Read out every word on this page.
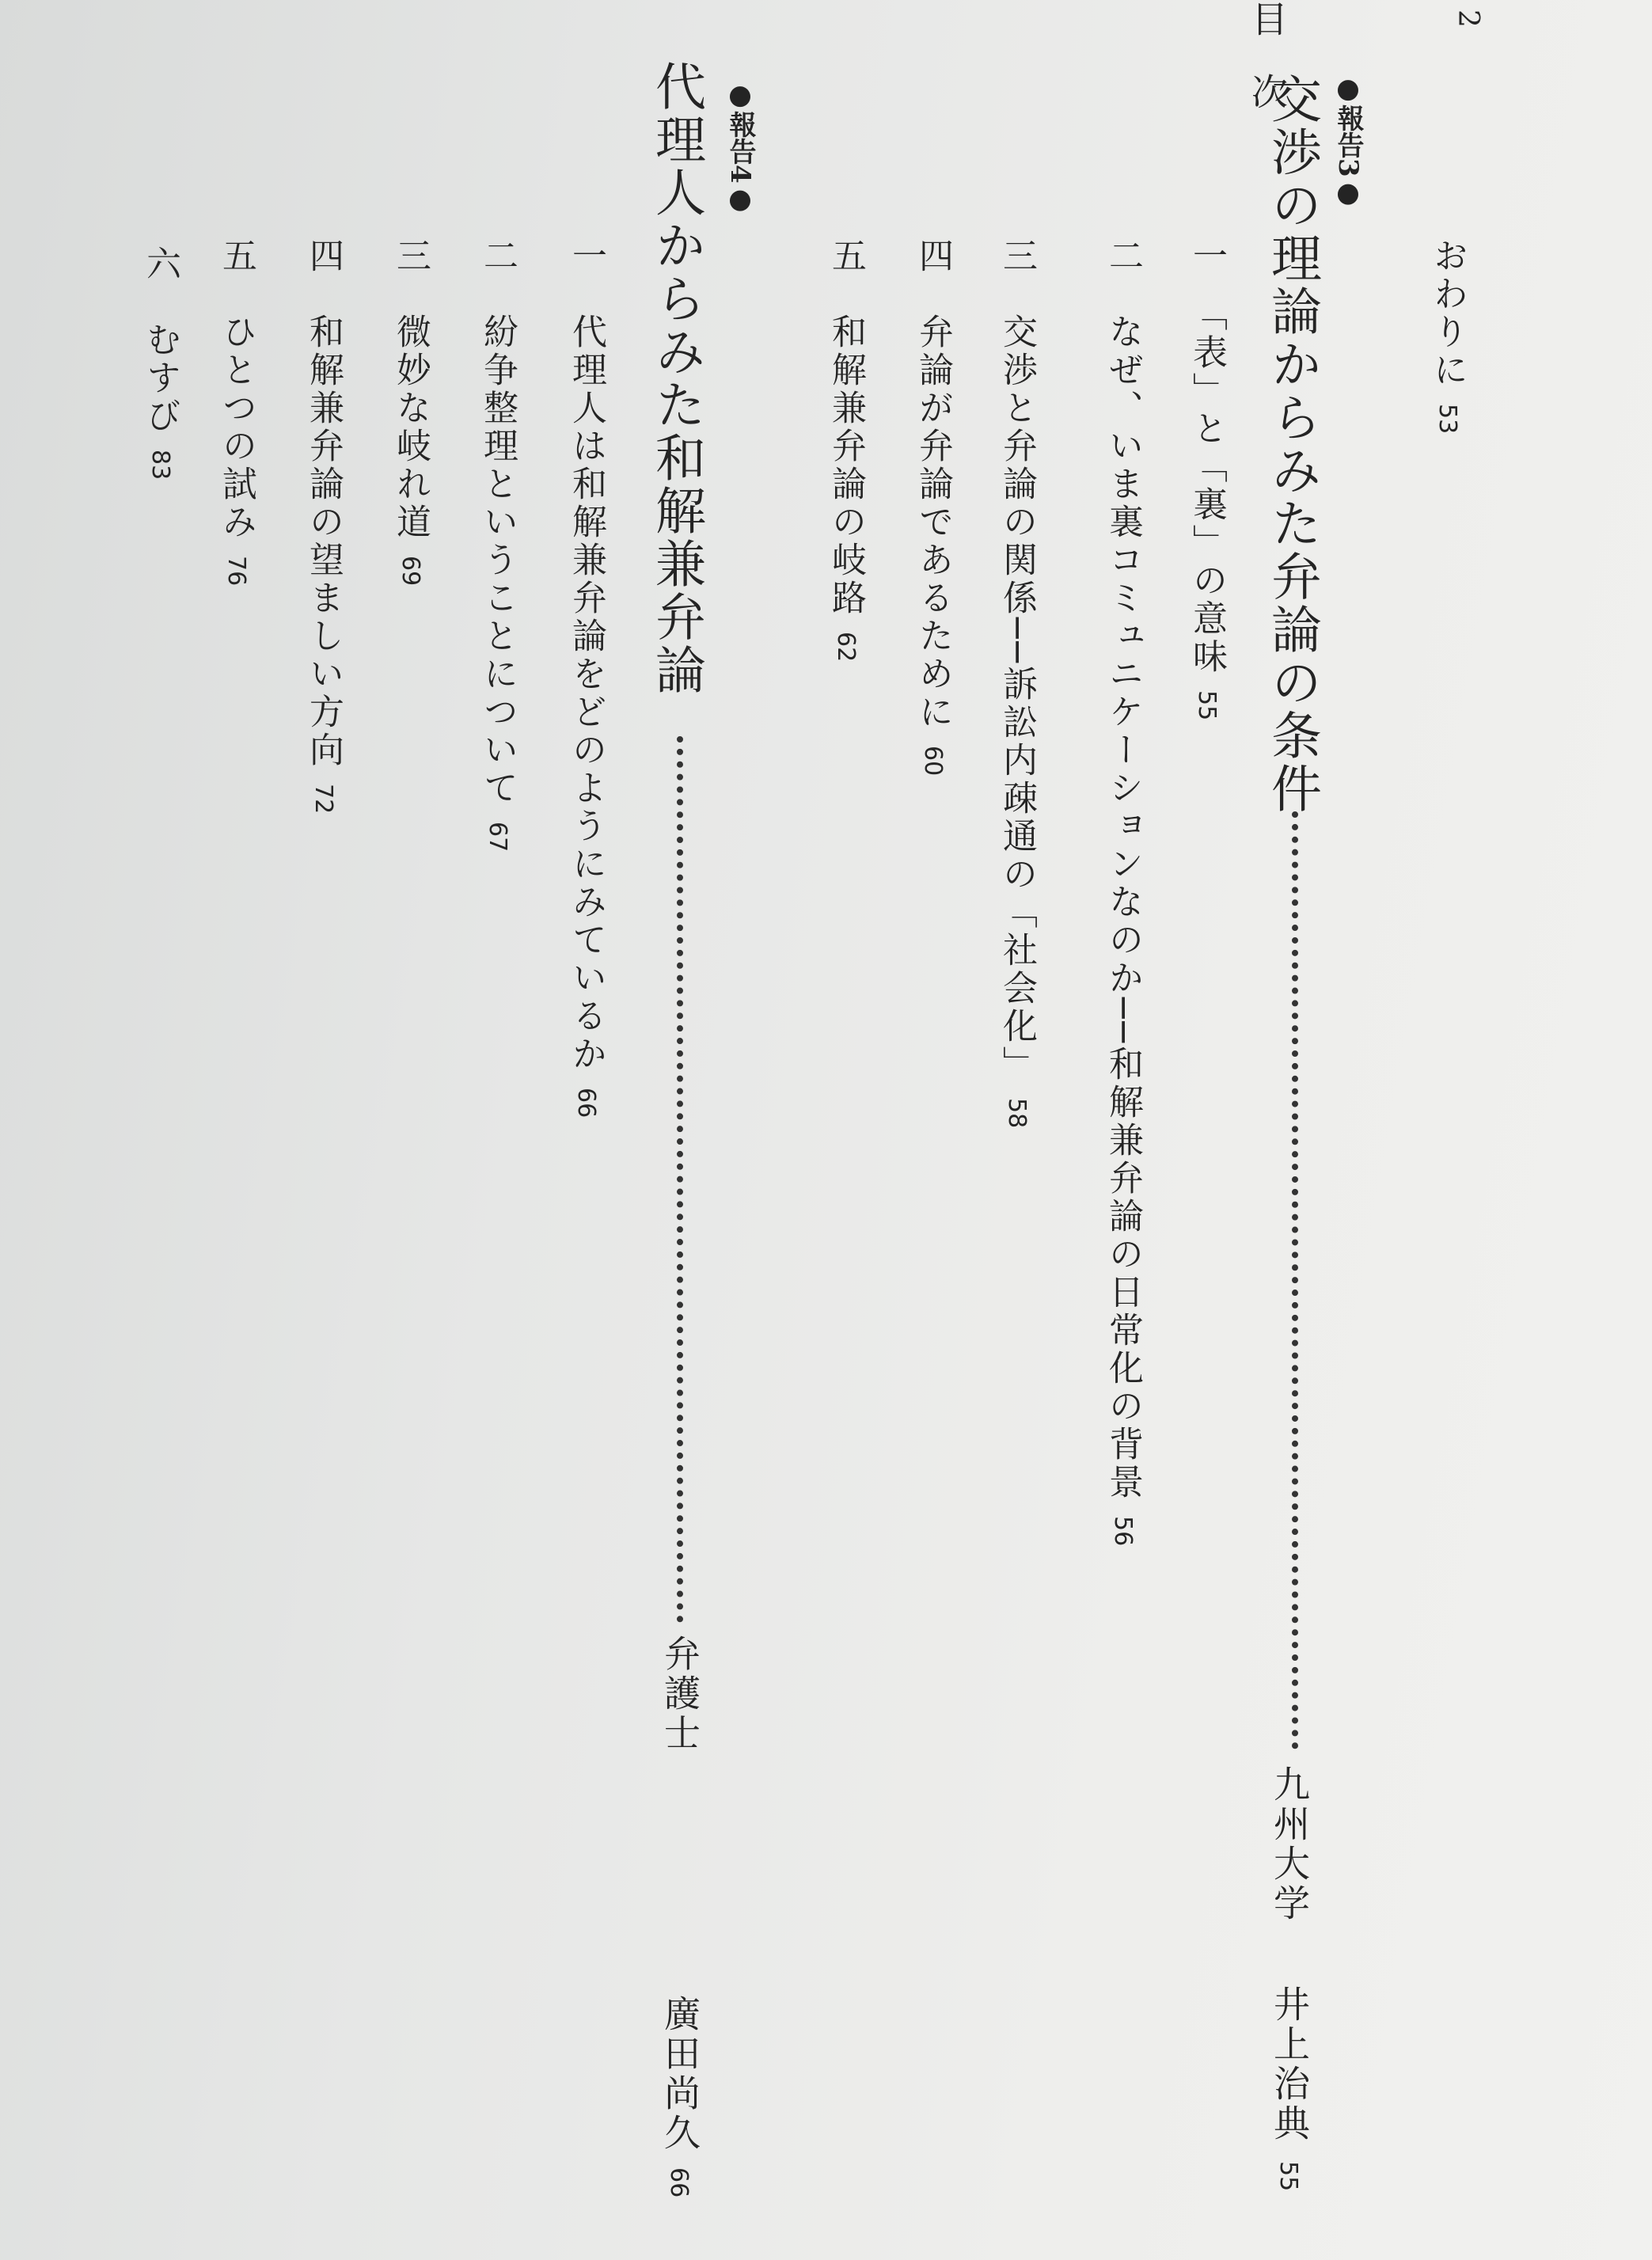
目　次	2
おわりに53
●報告3●
交渉の理論からみた弁論の条件
九州大学
井上治典
55
一　「表」と「裏」の意味55
二　なぜ、いま裏コミュニケーションなのか──和解兼弁論の日常化の背景56
三　交渉と弁論の関係──訴訟内疎通の「社会化」58
四　弁論が弁論であるために60
五　和解兼弁論の岐路62
●報告4●
代理人からみた和解兼弁論
弁護士
廣田尚久
66
一　代理人は和解兼弁論をどのようにみているか66
二　紛争整理ということについて67
三　微妙な岐れ道69
四　和解兼弁論の望ましい方向72
五　ひとつの試み76
六　むすび83
